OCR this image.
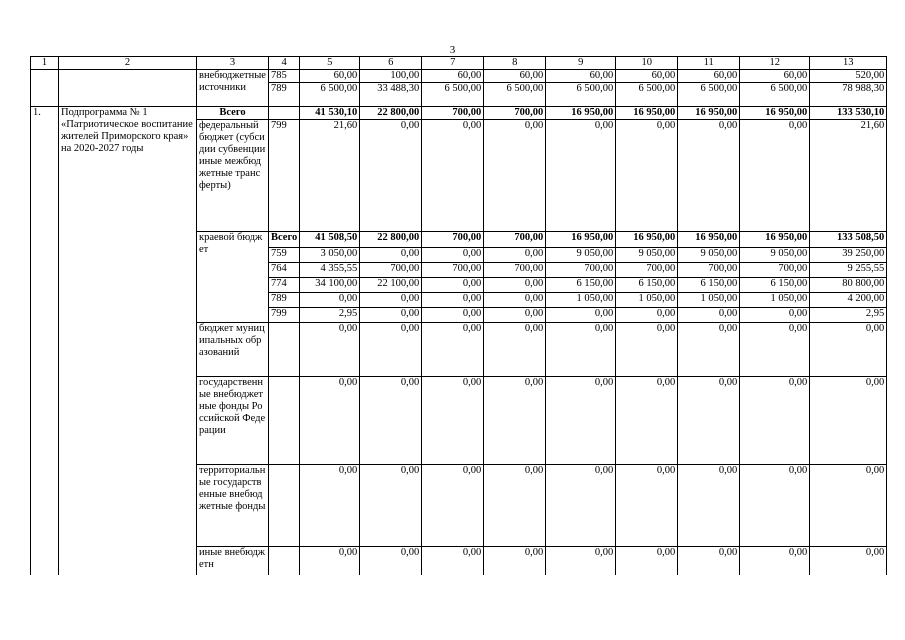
3
1	2	3	4	5	6	7	8	9	10	11	12	13
		внебюджетные источники	785	60,00	100,00	60,00	60,00	60,00	60,00	60,00	60,00	520,00
			789	6 500,00	33 488,30	6 500,00	6 500,00	6 500,00	6 500,00	6 500,00	6 500,00	78 988,30
1.	Подпрограмма № 1 «Патриотическое воспитание жителей Приморского края» на 2020-2027 годы	Всего		41 530,10	22 800,00	700,00	700,00	16 950,00	16 950,00	16 950,00	16 950,00	133 530,10
		федеральный бюджет (субсидии субвенции иные межбюджетные трансферты)	799	21,60	0,00	0,00	0,00	0,00	0,00	0,00	0,00	21,60
		краевой бюджет	Всего	41 508,50	22 800,00	700,00	700,00	16 950,00	16 950,00	16 950,00	16 950,00	133 508,50
			759	3 050,00	0,00	0,00	0,00	9 050,00	9 050,00	9 050,00	9 050,00	39 250,00
			764	4 355,55	700,00	700,00	700,00	700,00	700,00	700,00	700,00	9 255,55
			774	34 100,00	22 100,00	0,00	0,00	6 150,00	6 150,00	6 150,00	6 150,00	80 800,00
			789	0,00	0,00	0,00	0,00	1 050,00	1 050,00	1 050,00	1 050,00	4 200,00
			799	2,95	0,00	0,00	0,00	0,00	0,00	0,00	0,00	2,95
		бюджет муниципальных образований		0,00	0,00	0,00	0,00	0,00	0,00	0,00	0,00	0,00
		государственные внебюджетные фонды Российской Федерации		0,00	0,00	0,00	0,00	0,00	0,00	0,00	0,00	0,00
		территориальные государственные внебюджетные фонды		0,00	0,00	0,00	0,00	0,00	0,00	0,00	0,00	0,00
		иные внебюджетн		0,00	0,00	0,00	0,00	0,00	0,00	0,00	0,00	0,00
